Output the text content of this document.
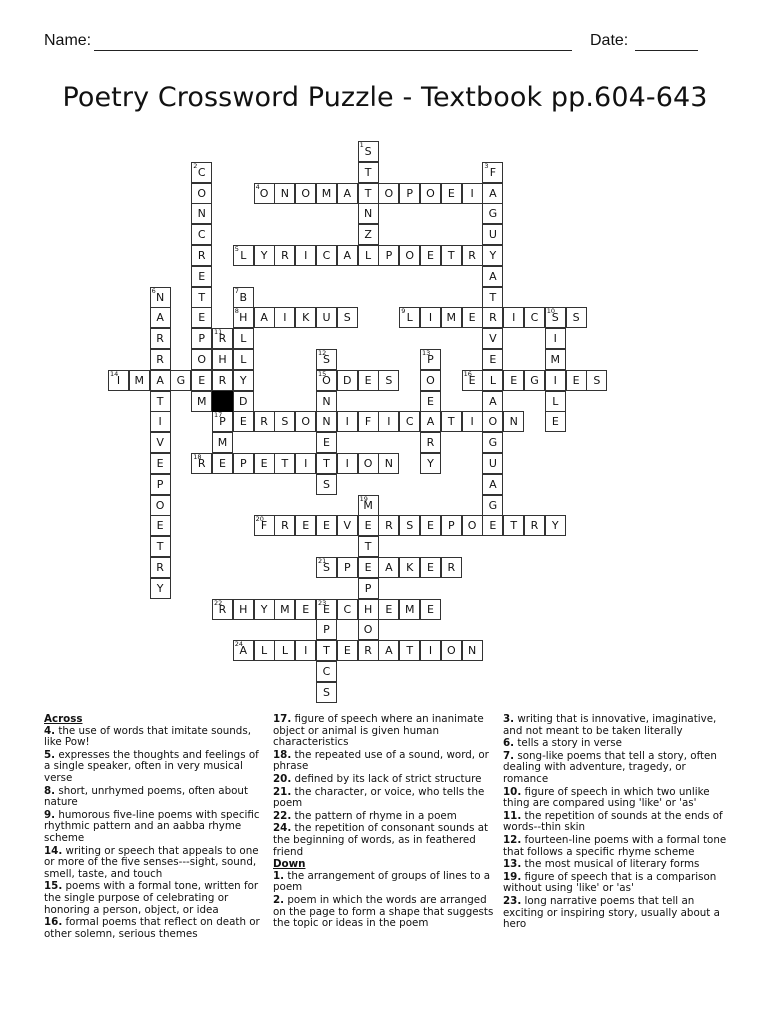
Name:	Date:
Poetry Crossword Puzzle - Textbook pp.604-643
1 S
T
T
N
Z
L
2 C
O
N
C
R
E
T
E
P
O
E
M
3 F
A
G
U
Y
A
T
R
V
E
L
A
O
G
U
A
G
E
4 O	N	O	M	A	O	P	O	E	I
5 L	Y	R	I	C	A	P	O	E	T	R
6 N
A
R
R
A
T
I
V
E
P
O
E
T
R
Y
7 B
8 H
L
L
Y
D
A	I	K	U	S	9 L	I	M	E	I	C	10
S	S
I
M
I
L
E
11
R
H
R
17
P
M
12
S
15
O
N
N
E
T
S
13
P
O
E
A
R
Y
14
I	M	G	D	E	S	16
E	E	G	E	S
E	R	S	O	I	F	I	C	T	I	N
18
R	E	P	E	T	I	I	O	N
19
M
E
T
E
P
H
O
R
20
F	R	E	E	V	R	S	E	P	O	T	R	Y
21
S	P	A	K	E	R
22
R	H	Y	M	E	23
E	C	E	M	E
P
T
C
S
24
A	L	L	I	E	A	T	I	O	N
Across
4. the use of words that imitate sounds, like Pow!
5. expresses the thoughts and feelings of a single speaker, often in very musical verse
8. short, unrhymed poems, often about nature
9. humorous five-line poems with specific rhythmic pattern and an aabba rhyme scheme
14. writing or speech that appeals to one or more of the five senses---sight, sound, smell, taste, and touch
15. poems with a formal tone, written for the single purpose of celebrating or honoring a person, object, or idea
16. formal poems that reflect on death or other solemn, serious themes
17. figure of speech where an inanimate object or animal is given human characteristics
18. the repeated use of a sound, word, or phrase
20. defined by its lack of strict structure
21. the character, or voice, who tells the poem
22. the pattern of rhyme in a poem
24. the repetition of consonant sounds at the beginning of words, as in feathered friend
Down
1. the arrangement of groups of lines to a poem
2. poem in which the words are arranged on the page to form a shape that suggests the topic or ideas in the poem
3. writing that is innovative, imaginative, and not meant to be taken literally
6. tells a story in verse
7. song-like poems that tell a story, often dealing with adventure, tragedy, or romance
10. figure of speech in which two unlike thing are compared using 'like' or 'as'
11. the repetition of sounds at the ends of words--thin skin
12. fourteen-line poems with a formal tone that follows a specific rhyme scheme
13. the most musical of literary forms
19. figure of speech that is a comparison without using 'like' or 'as'
23. long narrative poems that tell an exciting or inspiring story, usually about a hero
